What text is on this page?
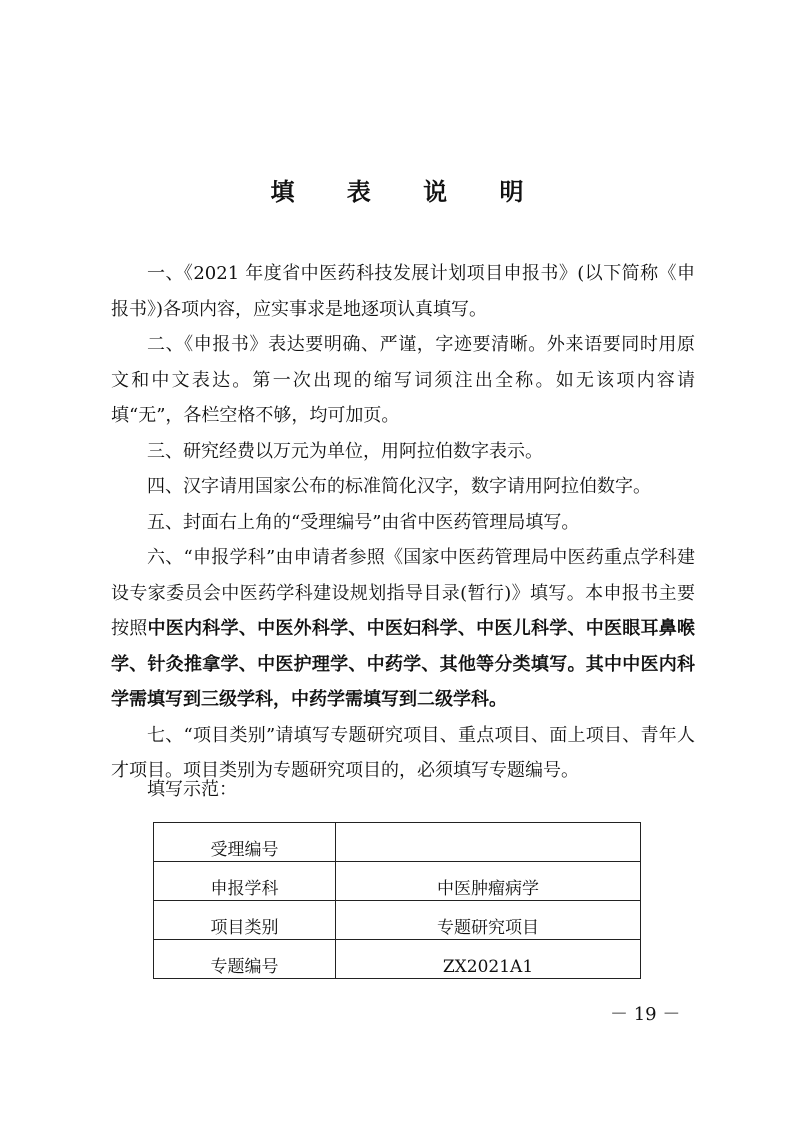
填 表 说 明

一、《2021 年度省中医药科技发展计划项目申报书》(以下简称《申报书》)各项内容，应实事求是地逐项认真填写。

二、《申报书》表达要明确、严谨，字迹要清晰。外来语要同时用原文和中文表达。第一次出现的缩写词须注出全称。如无该项内容请填“无”，各栏空格不够，均可加页。

三、研究经费以万元为单位，用阿拉伯数字表示。

四、汉字请用国家公布的标准简化汉字，数字请用阿拉伯数字。

五、封面右上角的“受理编号”由省中医药管理局填写。

六、“申报学科”由申请者参照《国家中医药管理局中医药重点学科建设专家委员会中医药学科建设规划指导目录(暂行)》填写。本申报书主要按照中医内科学、中医外科学、中医妇科学、中医儿科学、中医眼耳鼻喉学、针灸推拿学、中医护理学、中药学、其他等分类填写。其中中医内科学需填写到三级学科，中药学需填写到二级学科。

七、“项目类别”请填写专题研究项目、重点项目、面上项目、青年人才项目。项目类别为专题研究项目的，必须填写专题编号。

填写示范：
受理编号	
申报学科	中医肿瘤病学
项目类别	专题研究项目
专题编号	ZX2021A1
－ 19 －
